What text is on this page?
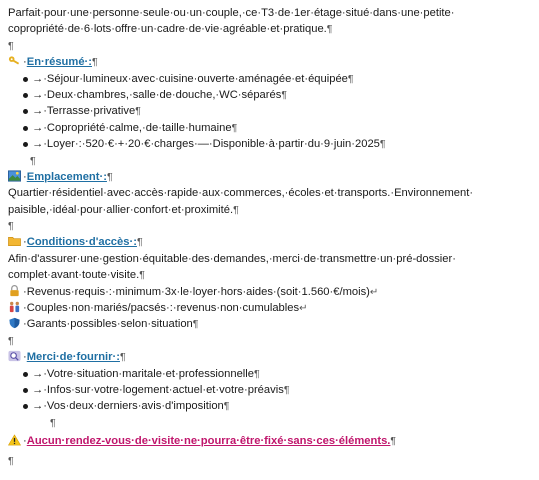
Parfait·pour·une·personne·seule·ou·un·couple,·ce·T3·de·1er·étage·situé·dans·une·petite·
copropriété·de·6·lots·offre·un·cadre·de·vie·agréable·et·pratique.¶
¶
·En·résumé·:¶
→·Séjour·lumineux·avec·cuisine·ouverte·aménagée·et·équipée¶
→·Deux·chambres,·salle·de·douche,·WC·séparés¶
→·Terrasse·privative¶
→·Copropriété·calme,·de·taille·humaine¶
→·Loyer·:·520·€·+·20·€·charges·—·Disponible·à·partir·du·9·juin·2025¶
¶
·Emplacement·:¶
Quartier·résidentiel·avec·accès·rapide·aux·commerces,·écoles·et·transports.·Environnement·
paisible,·idéal·pour·allier·confort·et·proximité.¶
¶
·Conditions·d'accès·:¶
Afin·d'assurer·une·gestion·équitable·des·demandes,·merci·de·transmettre·un·pré-dossier·
complet·avant·toute·visite.¶
·Revenus·requis·:·minimum·3x·le·loyer·hors·aides·(soit·1.560·€/mois)↵
·Couples·non·mariés/pacsés·:·revenus·non·cumulables↵
·Garants·possibles·selon·situation¶
¶
·Merci·de·fournir·:¶
→·Votre·situation·maritale·et·professionnelle¶
→·Infos·sur·votre·logement·actuel·et·votre·préavis¶
→·Vos·deux·derniers·avis·d'imposition¶
¶
·Aucun·rendez-vous·de·visite·ne·pourra·être·fixé·sans·ces·éléments.¶
¶
